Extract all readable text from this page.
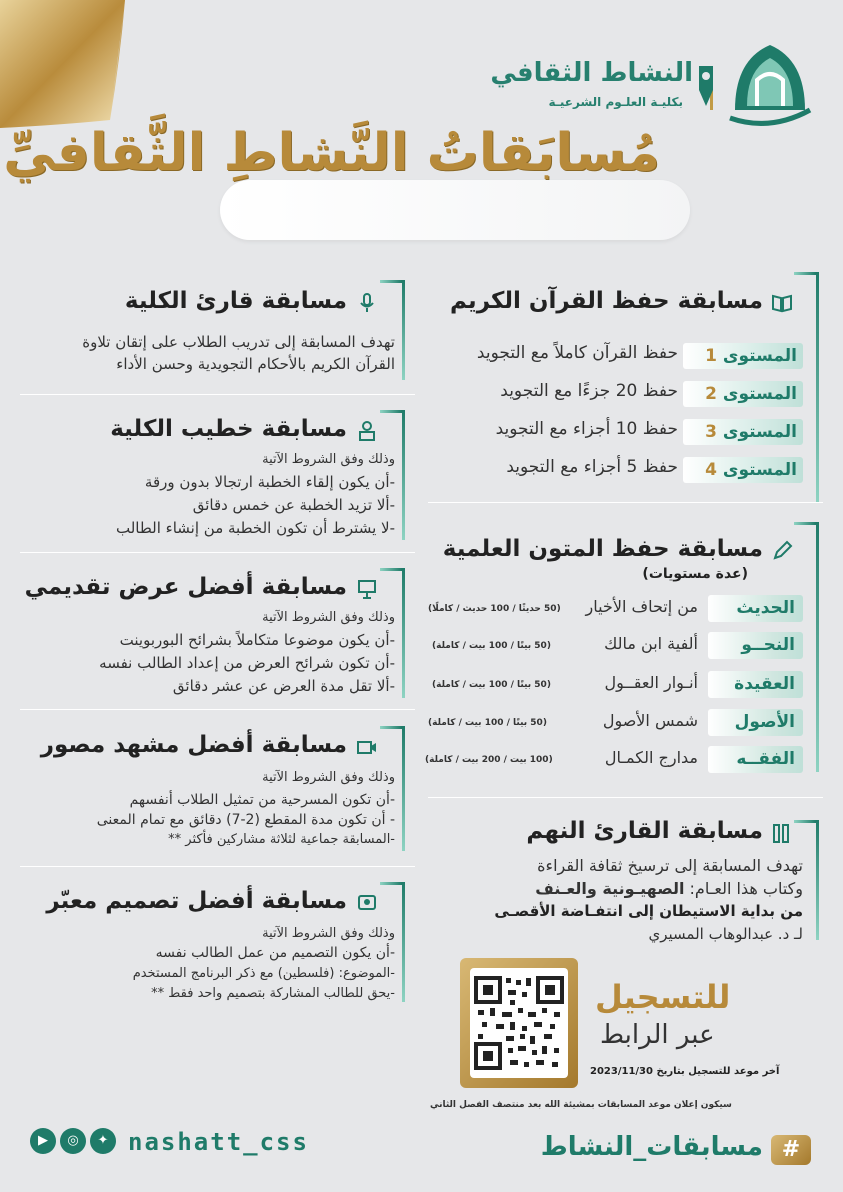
النشاط الثقافي
بكليـة العلـوم الشرعيـة
مُسابَقاتُ النَّشاطِ الثَّقافيِّ
مسابقة حفظ القرآن الكريم
المستوى 1
حفظ القرآن كاملاً مع التجويد
المستوى 2
حفظ 20 جزءًا مع التجويد
المستوى 3
حفظ 10 أجزاء مع التجويد
المستوى 4
حفظ 5 أجزاء مع التجويد
مسابقة حفظ المتون العلمية
(عدة مستويات)
الحديث
من إتحاف الأخيار
(50 حديثًا / 100 حديث / كاملًا)
النحــو
ألفية ابن مالك
(50 بيتًا / 100 بيت / كاملة)
العقيدة
أنـوار العقــول
(50 بيتًا / 100 بيت / كاملة)
الأصول
شمس الأصول
(50 بيتًا / 100 بيت / كاملة)
الفقــه
مدارج الكمـال
(100 بيت / 200 بيت / كاملة)
مسابقة القارئ النهم
تهدف المسابقة إلى ترسيخ ثقافة القراءة
وكتاب هذا العـام: الصهيـونية والعـنف
من بداية الاستيطان إلى انتفـاضة الأقصـى
لـ د. عبدالوهاب المسيري
مسابقة قارئ الكلية
تهدف المسابقة إلى تدريب الطلاب على إتقان تلاوة
القرآن الكريم بالأحكام التجويدية وحسن الأداء
مسابقة خطيب الكلية
وذلك وفق الشروط الآتية
-أن يكون إلقاء الخطبة ارتجالا بدون ورقة
-ألا تزيد الخطبة عن خمس دقائق
-لا يشترط أن تكون الخطبة من إنشاء الطالب
مسابقة أفضل عرض تقديمي
وذلك وفق الشروط الآتية
-أن يكون موضوعا متكاملاً بشرائح البوربوينت
-أن تكون شرائح العرض من إعداد الطالب نفسه
-ألا تقل مدة العرض عن عشر دقائق
مسابقة أفضل مشهد مصور
وذلك وفق الشروط الآتية
-أن تكون المسرحية من تمثيل الطلاب أنفسهم
- أن تكون مدة المقطع (2-7) دقائق مع تمام المعنى
-المسابقة جماعية لثلاثة مشاركين فأكثر **
مسابقة أفضل تصميم معبّر
وذلك وفق الشروط الآتية
-أن يكون التصميم من عمل الطالب نفسه
-الموضوع: (فلسطين) مع ذكر البرنامج المستخدم
-يحق للطالب المشاركة بتصميم واحد فقط **	للتسجيل
عبر الرابط
آخر موعد للتسجيل بتاريخ 2023/11/30
سيكون إعلان موعد المسابقات بمشيئة الله بعد منتصف الفصل الثاني
▶ ◎ ✦ nashatt_css	#
مسابقات_النشاط
